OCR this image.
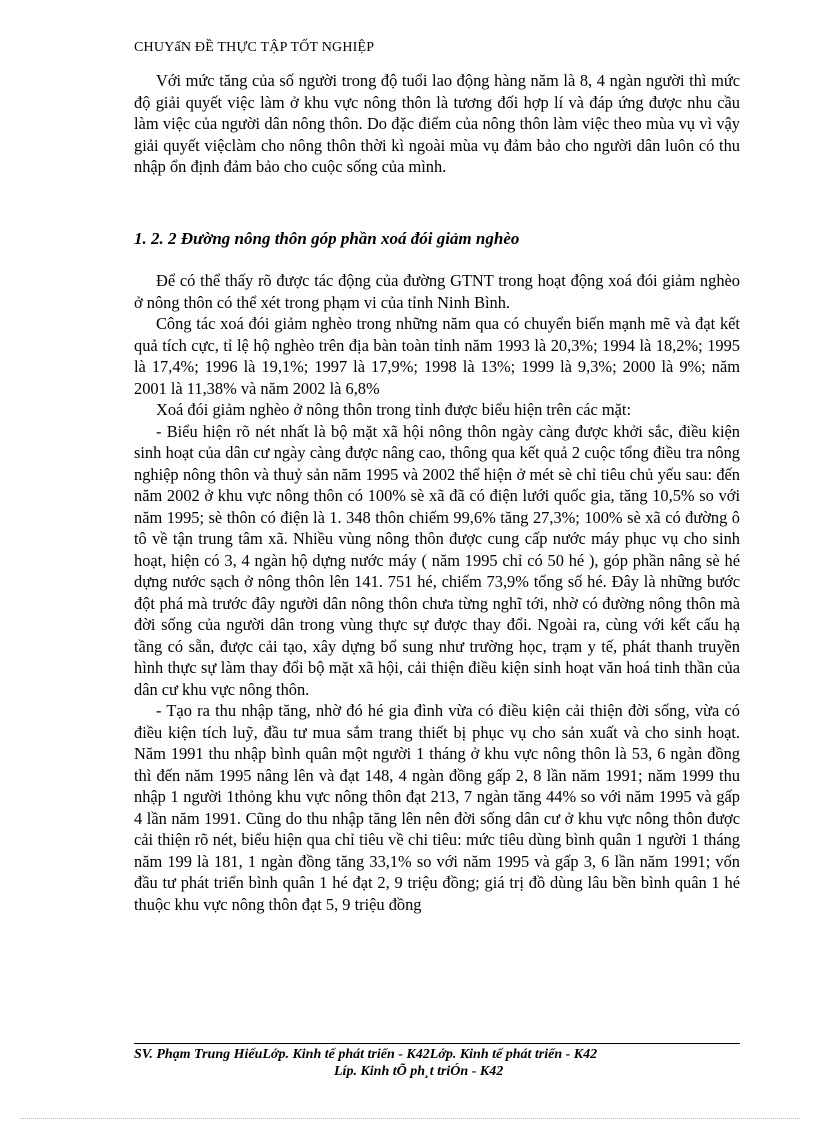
CHUYấN ĐỀ THỰC TẬP TỐT NGHIỆP

Với mức tăng của số người trong độ tuổi lao động hàng năm là 8, 4 ngàn người thì mức độ giải quyết việc làm ở khu vực nông thôn là tương đối hợp lí và đáp ứng được nhu cầu làm việc của người dân nông thôn. Do đặc điểm của nông thôn làm việc theo mùa vụ vì vậy giải quyết việclàm cho nông thôn thời kì ngoài mùa vụ đảm bảo cho người dân luôn có thu nhập ổn định đảm bảo cho cuộc sống của mình.

1. 2. 2 Đường nông thôn góp phần xoá đói giảm nghèo

Để có thể thấy rõ được tác động của đường GTNT trong hoạt động xoá đói giảm nghèo ở nông thôn có thể xét trong phạm vi của tỉnh Ninh Bình.

Công tác xoá đói giảm nghèo trong những năm qua có chuyển biến mạnh mẽ và đạt kết quả tích cực, tỉ lệ hộ nghèo trên địa bàn toàn tỉnh năm 1993 là 20,3%; 1994 là 18,2%; 1995 là 17,4%; 1996 là 19,1%; 1997 là 17,9%; 1998 là 13%; 1999 là 9,3%; 2000 là 9%; năm 2001 là 11,38% và năm 2002 là 6,8%

Xoá đói giảm nghèo ở nông thôn trong tỉnh được biểu hiện trên các mặt:

- Biểu hiện rõ nét nhất là bộ mặt xã hội nông thôn ngày càng được khởi sắc, điều kiện sinh hoạt của dân cư ngày càng được nâng cao, thông qua kết quả 2 cuộc tổng điều tra nông nghiệp nông thôn và thuỷ sản năm 1995 và 2002 thể hiện ở mét sè chỉ tiêu chủ yếu sau: đến năm 2002 ở khu vực nông thôn có 100% sè xã đã có điện lưới quốc gia, tăng 10,5% so với năm 1995; sè thôn có điện là 1. 348 thôn chiếm 99,6% tăng 27,3%; 100% sè xã có đường ô tô về tận trung tâm xã. Nhiều vùng nông thôn được cung cấp nước máy phục vụ cho sinh hoạt, hiện có 3, 4 ngàn hộ dựng nước máy ( năm 1995 chỉ có 50 hé ), góp phần nâng sè hé dựng nước sạch ở nông thôn lên 141. 751 hé, chiếm 73,9% tổng số hé. Đây là những bước đột phá mà trước đây người dân nông thôn chưa từng nghĩ tới, nhờ có đường nông thôn mà đời sống của người dân trong vùng thực sự được thay đổi. Ngoài ra, cùng với kết cấu hạ tầng có sẵn, được cải tạo, xây dựng bổ sung như trường học, trạm y tế, phát thanh truyền hình thực sự làm thay đổi bộ mặt xã hội, cải thiện điều kiện sinh hoạt văn hoá tinh thần của dân cư khu vực nông thôn.

- Tạo ra thu nhập tăng, nhờ đó hé gia đình vừa có điều kiện cải thiện đời sống, vừa có điều kiện tích luỹ, đầu tư mua sắm trang thiết bị phục vụ cho sản xuất và cho sinh hoạt. Năm 1991 thu nhập bình quân một người 1 tháng ở khu vực nông thôn là 53, 6 ngàn đồng thì đến năm 1995 nâng lên và đạt 148, 4 ngàn đồng gấp 2, 8 lần năm 1991; năm 1999 thu nhập 1 người 1thỏng khu vực nông thôn đạt 213, 7 ngàn tăng 44% so với năm 1995 và gấp 4 lần năm 1991. Cũng do thu nhập tăng lên nên đời sống dân cư ở khu vực nông thôn được cải thiện rõ nét, biểu hiện qua chỉ tiêu về chi tiêu: mức tiêu dùng bình quân 1 người 1 tháng năm 199 là 181, 1 ngàn đồng tăng 33,1% so với năm 1995 và gấp 3, 6 lần năm 1991; vốn đầu tư phát triển bình quân 1 hé đạt 2, 9 triệu đồng; giá trị đồ dùng lâu bền bình quân 1 hé thuộc khu vực nông thôn đạt 5, 9 triệu đồng

SV. Phạm Trung HiếuLớp. Kinh tế phát triển - K42Lớp. Kinh tế phát triển - K42
Líp. Kinh tÕ ph¸t triÓn - K42
